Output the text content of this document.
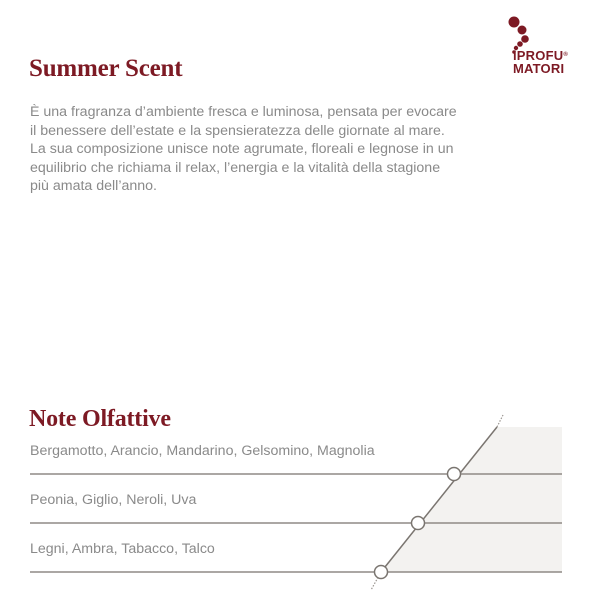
iPROFU®
MATORI
Summer Scent

È una fragranza d’ambiente fresca e luminosa, pensata per evocare il benessere dell’estate e la spensieratezza delle giornate al mare. La sua composizione unisce note agrumate, floreali e legnose in un equilibrio che richiama il relax, l’energia e la vitalità della stagione più amata dell’anno.

Note Olfattive

Bergamotto, Arancio, Mandarino, Gelsomino, Magnolia

Peonia, Giglio, Neroli, Uva

Legni, Ambra, Tabacco, Talco
